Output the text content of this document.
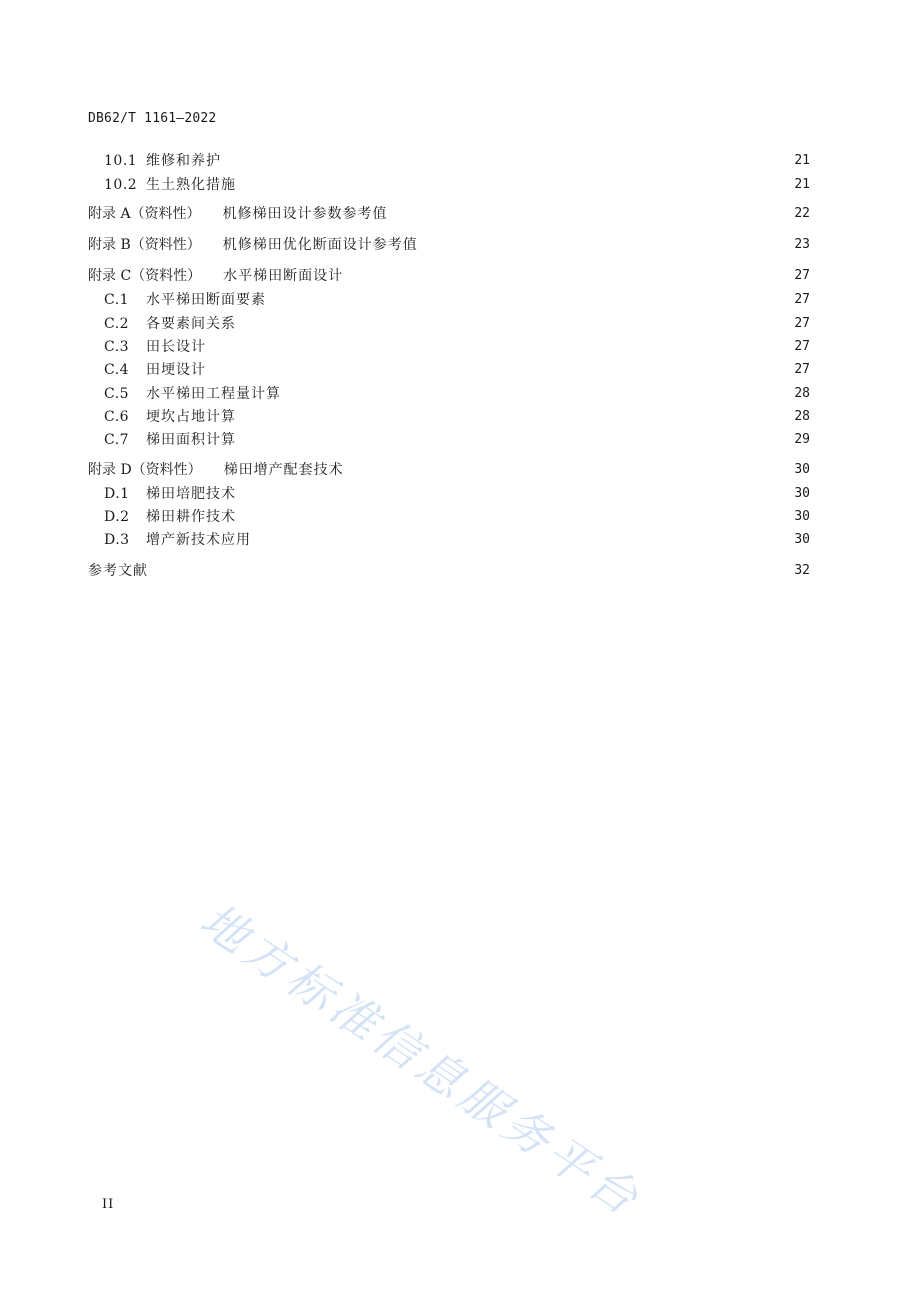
DB62/T 1161—2022
10.1 维修和养护	21
10.2 生土熟化措施	21
附录 A（资料性） 机修梯田设计参数参考值	22
附录 B（资料性） 机修梯田优化断面设计参考值	23
附录 C（资料性） 水平梯田断面设计	27
C.1	水平梯田断面要素	27
C.2	各要素间关系	27
C.3	田长设计	27
C.4	田埂设计	27
C.5	水平梯田工程量计算	28
C.6	埂坎占地计算	28
C.7	梯田面积计算	29
附录 D（资料性） 梯田增产配套技术	30
D.1	梯田培肥技术	30
D.2	梯田耕作技术	30
D.3	增产新技术应用	30
参考文献	32
地方标准信息服务平台
II
